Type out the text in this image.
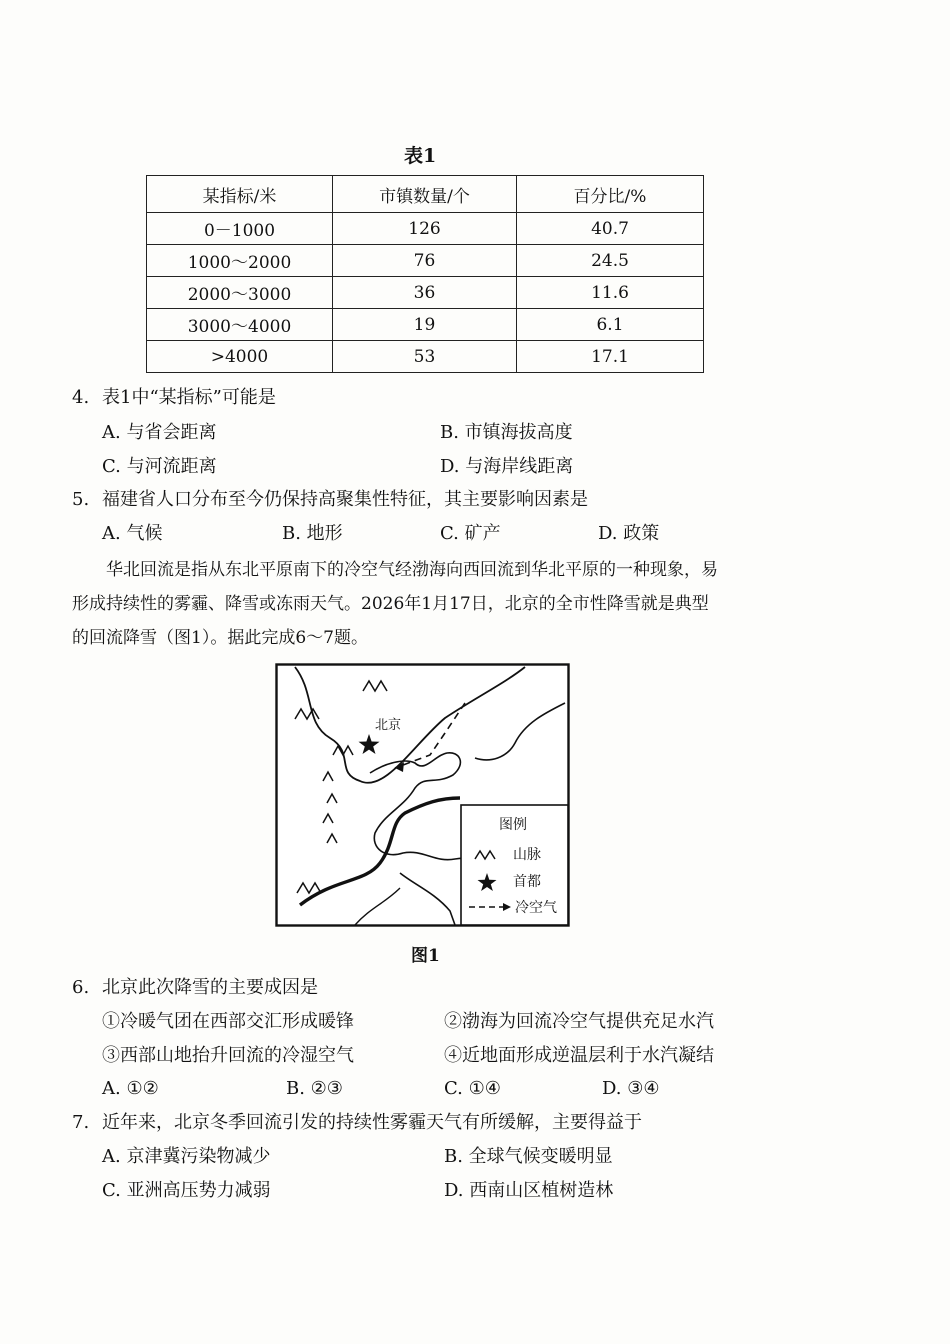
表1
某指标/米	市镇数量/个	百分比/%
0－1000	126	40.7
1000～2000	76	24.5
2000～3000	36	11.6
3000～4000	19	6.1
>4000	53	17.1
4. 表1中“某指标”可能是
A. 与省会距离	B. 市镇海拔高度
C. 与河流距离	D. 与海岸线距离
5. 福建省人口分布至今仍保持高聚集性特征，其主要影响因素是
A. 气候	B. 地形	C. 矿产	D. 政策
华北回流是指从东北平原南下的冷空气经渤海向西回流到华北平原的一种现象，易
形成持续性的雾霾、降雪或冻雨天气。2026年1月17日，北京的全市性降雪就是典型
的回流降雪（图1）。据此完成6～7题。
北京
图例
山脉
首都
冷空气
图1
6. 北京此次降雪的主要成因是
①冷暖气团在西部交汇形成暖锋	②渤海为回流冷空气提供充足水汽
③西部山地抬升回流的冷湿空气	④近地面形成逆温层利于水汽凝结
A. ①②	B. ②③	C. ①④	D. ③④
7. 近年来，北京冬季回流引发的持续性雾霾天气有所缓解，主要得益于
A. 京津冀污染物减少	B. 全球气候变暖明显
C. 亚洲高压势力减弱	D. 西南山区植树造林
